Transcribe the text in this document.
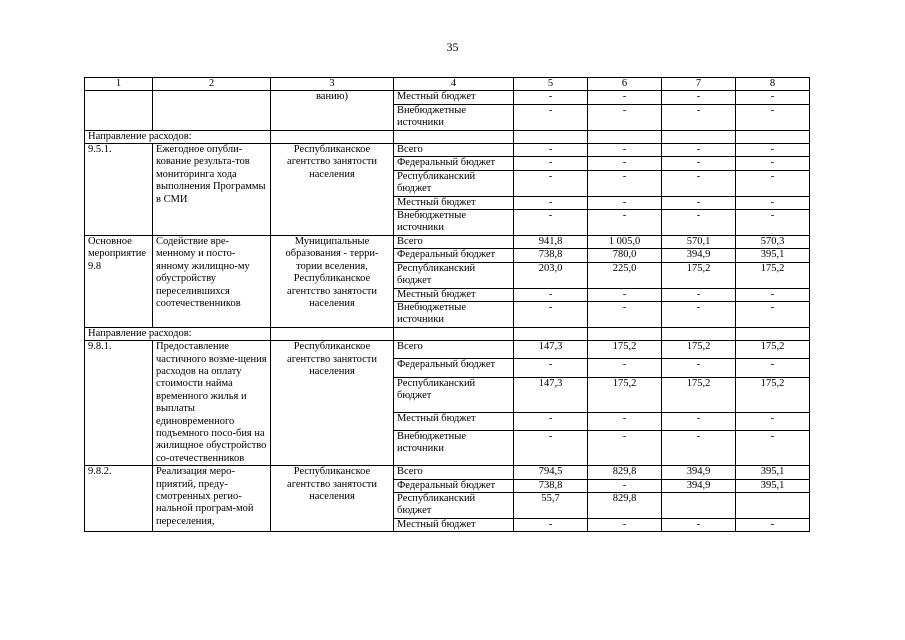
35
1	2	3	4	5	6	7	8
		ванию)	Местный бюджет	-	-	-	-
			Внебюджетные источники	-	-	-	-
Направление расходов:							
9.5.1.	Ежегодное опубли-кование результа-тов мониторинга хода выполнения Программы в СМИ	Республиканское агентство занятости населения	Всего	-	-	-	-
			Федеральный бюджет	-	-	-	-
			Республиканский бюджет	-	-	-	-
			Местный бюджет	-	-	-	-
			Внебюджетные источники	-	-	-	-
Основное мероприятие 9.8	Содействие вре-менному и посто-янному жилищно-му обустройству переселившихся соотечественников	Муниципальные образования - терри-тории вселения, Республиканское агентство занятости населения	Всего	941,8	1 005,0	570,1	570,3
			Федеральный бюджет	738,8	780,0	394,9	395,1
			Республиканский бюджет	203,0	225,0	175,2	175,2
			Местный бюджет	-	-	-	-
			Внебюджетные источники	-	-	-	-
Направление расходов:							
9.8.1.	Предоставление частичного возме-щения расходов на оплату стоимости найма временного жилья и выплаты единовременного подъемного посо-бия на жилищное обустройство со-отечественников	Республиканское агентство занятости населения	Всего	147,3	175,2	175,2	175,2
			Федеральный бюджет	-	-	-	-
			Республиканский бюджет	147,3	175,2	175,2	175,2
			Местный бюджет	-	-	-	-
			Внебюджетные источники	-	-	-	-
9.8.2.	Реализация меро-приятий, преду-смотренных регио-нальной програм-мой переселения,	Республиканское агентство занятости населения	Всего	794,5	829,8	394,9	395,1
			Федеральный бюджет	738,8	-	394,9	395,1
			Республиканский бюджет	55,7	829,8		
			Местный бюджет	-	-	-	-
